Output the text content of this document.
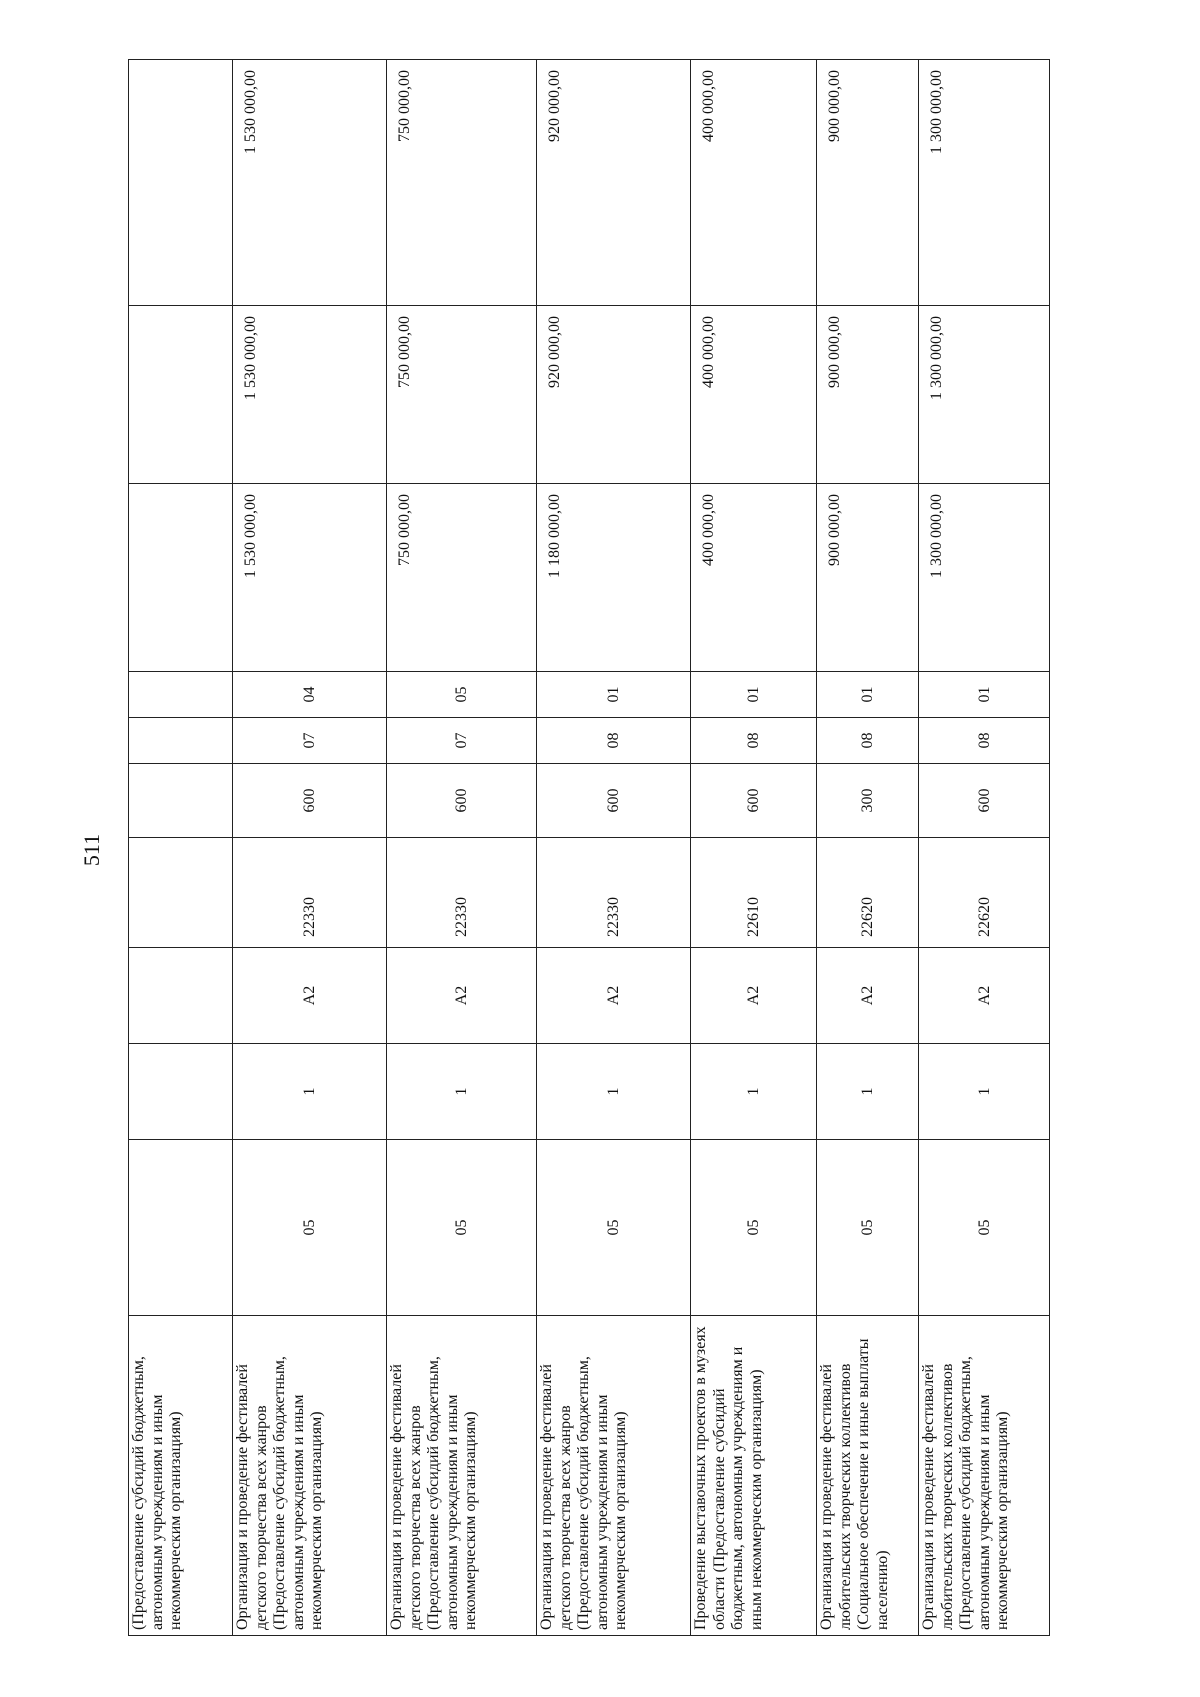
511
(Предоставление субсидий бюджетным, автономным учреждениям и иным некоммерческим организациям)										
Организация и проведение фестивалей детского творчества всех жанров (Предоставление субсидий бюджетным, автономным учреждениям и иным некоммерческим организациям)	05	1	А2	22330	600	07	04	1 530 000,00	1 530 000,00	1 530 000,00
Организация и проведение фестивалей детского творчества всех жанров (Предоставление субсидий бюджетным, автономным учреждениям и иным некоммерческим организациям)	05	1	А2	22330	600	07	05	750 000,00	750 000,00	750 000,00
Организация и проведение фестивалей детского творчества всех жанров (Предоставление субсидий бюджетным, автономным учреждениям и иным некоммерческим организациям)	05	1	А2	22330	600	08	01	1 180 000,00	920 000,00	920 000,00
Проведение выставочных проектов в музеях области (Предоставление субсидий бюджетным, автономным учреждениям и иным некоммерческим организациям)	05	1	А2	22610	600	08	01	400 000,00	400 000,00	400 000,00
Организация и проведение фестивалей любительских творческих коллективов (Социальное обеспечение и иные выплаты населению)	05	1	А2	22620	300	08	01	900 000,00	900 000,00	900 000,00
Организация и проведение фестивалей любительских творческих коллективов (Предоставление субсидий бюджетным, автономным учреждениям и иным некоммерческим организациям)	05	1	А2	22620	600	08	01	1 300 000,00	1 300 000,00	1 300 000,00
